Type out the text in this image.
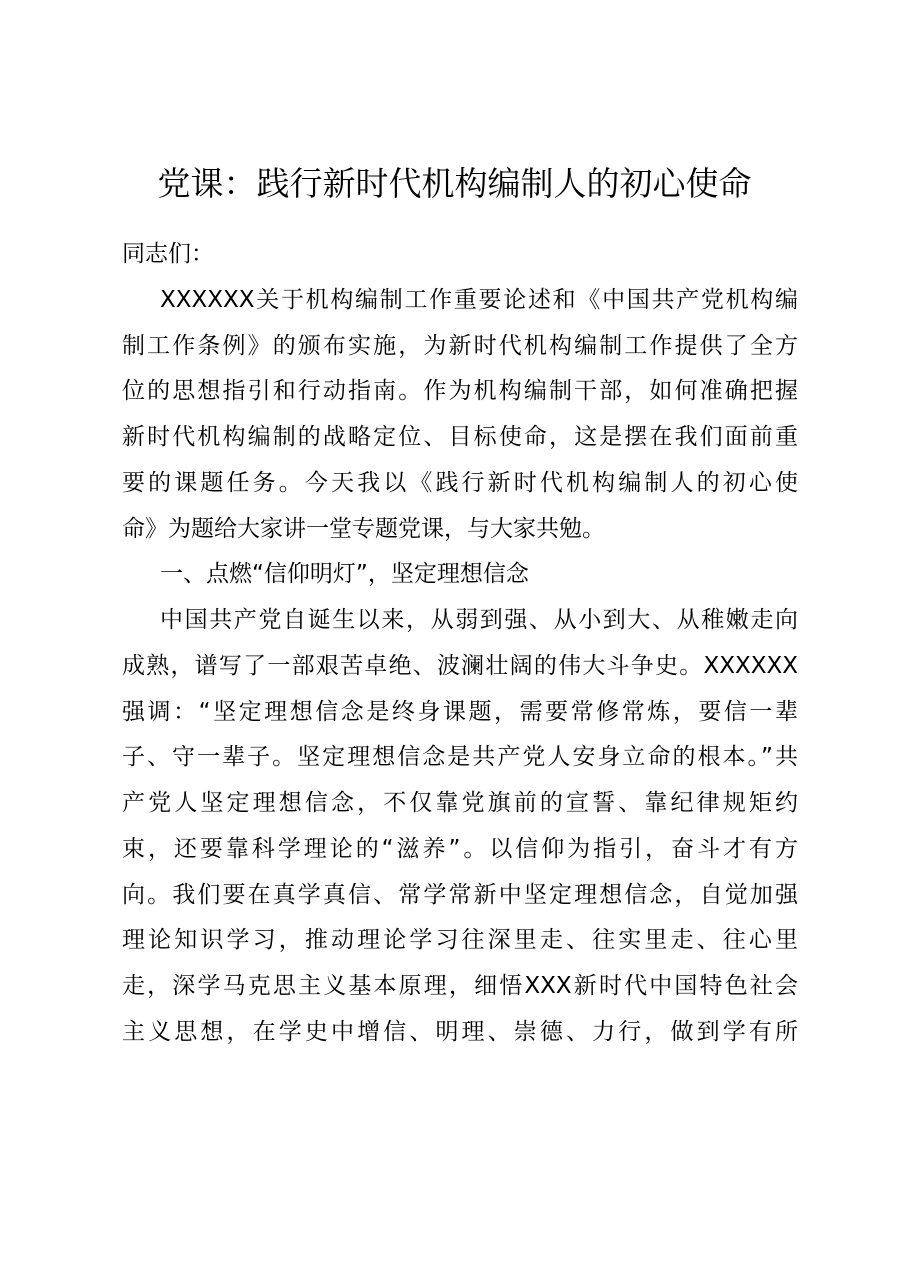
党课：践行新时代机构编制人的初心使命
同志们：
XXXXXX关于机构编制工作重要论述和《中国共产党机构编
制工作条例》的颁布实施，为新时代机构编制工作提供了全方
位的思想指引和行动指南。作为机构编制干部，如何准确把握
新时代机构编制的战略定位、目标使命，这是摆在我们面前重
要的课题任务。今天我以《践行新时代机构编制人的初心使
命》为题给大家讲一堂专题党课，与大家共勉。
一、点燃“信仰明灯”，坚定理想信念
中国共产党自诞生以来，从弱到强、从小到大、从稚嫩走向
成熟，谱写了一部艰苦卓绝、波澜壮阔的伟大斗争史。XXXXXX
强调：“坚定理想信念是终身课题，需要常修常炼，要信一辈
子、守一辈子。坚定理想信念是共产党人安身立命的根本。”共
产党人坚定理想信念，不仅靠党旗前的宣誓、靠纪律规矩约
束，还要靠科学理论的“滋养”。以信仰为指引，奋斗才有方
向。我们要在真学真信、常学常新中坚定理想信念，自觉加强
理论知识学习，推动理论学习往深里走、往实里走、往心里
走，深学马克思主义基本原理，细悟XXX新时代中国特色社会
主义思想，在学史中增信、明理、崇德、力行，做到学有所
